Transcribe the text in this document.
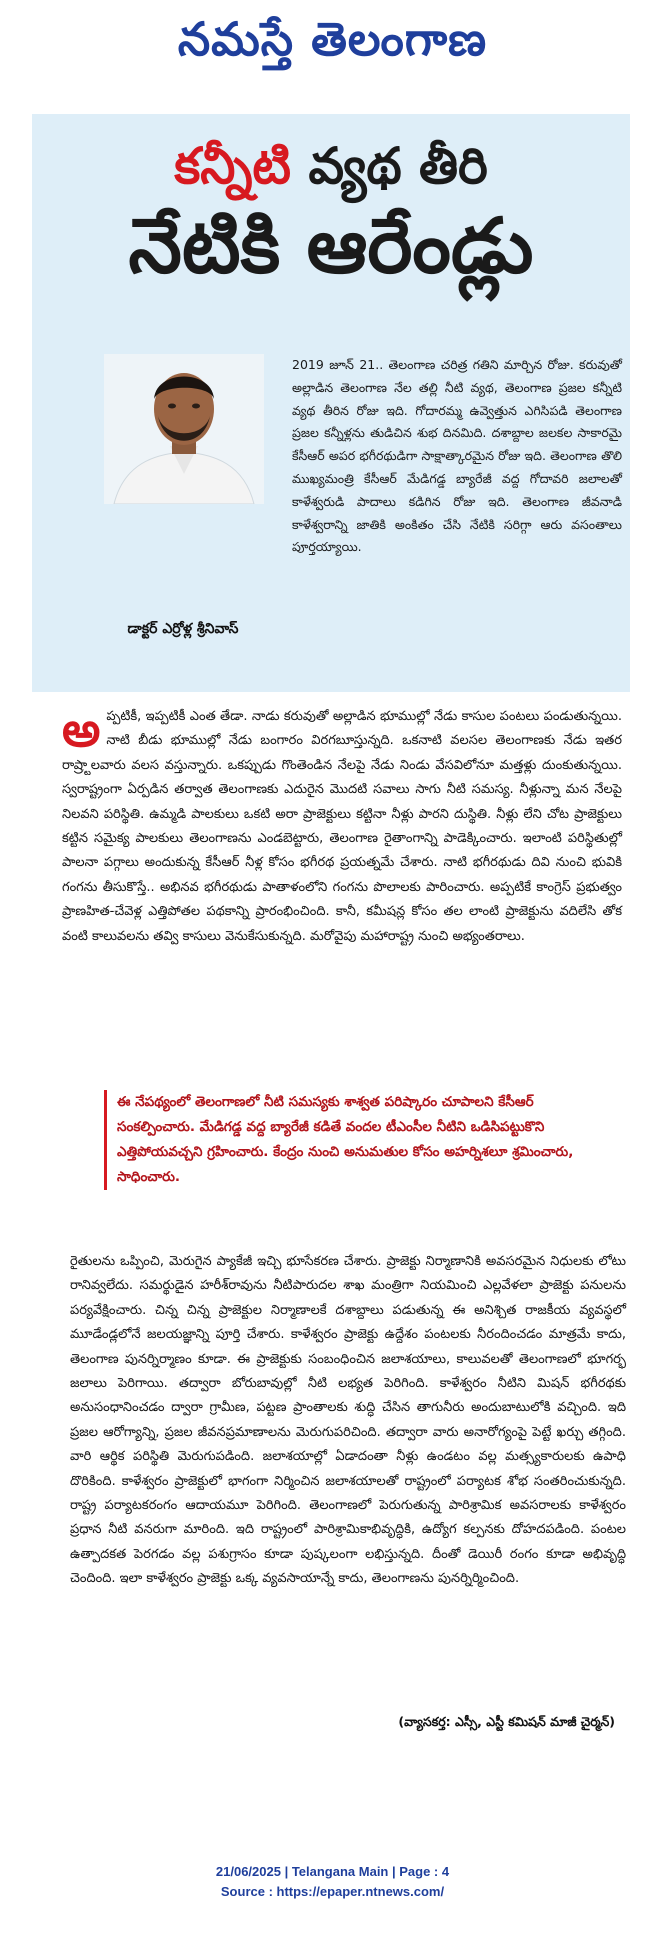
నమస్తే తెలంగాణ
కన్నీటి వ్యథ తీరి
నేటికి ఆరేండ్లు
2019 జూన్ 21.. తెలంగాణ చరిత్ర గతిని మార్చిన రోజు. కరువుతో అల్లాడిన తెలంగాణ నేల తల్లి నీటి వ్యథ, తెలంగాణ ప్రజల కన్నీటి వ్యథ తీరిన రోజు ఇది. గోదారమ్మ ఉవ్వెత్తున ఎగిసిపడి తెలంగాణ ప్రజల కన్నీళ్లను తుడిచిన శుభ దినమిది. దశాబ్దాల జలకల సాకారమై కేసీఆర్ అపర భగీరథుడిగా సాక్షాత్కారమైన రోజు ఇది. తెలంగాణ తొలి ముఖ్యమంత్రి కేసీఆర్ మేడిగడ్డ బ్యారేజీ వద్ద గోదావరి జలాలతో కాళేశ్వరుడి పాదాలు కడిగిన రోజు ఇది. తెలంగాణ జీవనాడి కాళేశ్వరాన్ని జాతికి అంకితం చేసి నేటికి సరిగ్గా ఆరు వసంతాలు పూర్తయ్యాయి.
డాక్టర్ ఎర్రోళ్ల శ్రీనివాస్
అప్పటికీ, ఇప్పటికీ ఎంత తేడా. నాడు కరువుతో అల్లాడిన భూముల్లో నేడు కాసుల పంటలు పండుతున్నయి. నాటి బీడు భూముల్లో నేడు బంగారం విరగబూస్తున్నది. ఒకనాటి వలసల తెలంగాణకు నేడు ఇతర రాష్ర్టాలవారు వలస వస్తున్నారు. ఒకప్పుడు గొంతెండిన నేలపై నేడు నిండు వేసవిలోనూ మత్తళ్లు దుంకుతున్నయి. స్వరాష్ట్రంగా ఏర్పడిన తర్వాత తెలంగాణకు ఎదురైన మొదటి సవాలు సాగు నీటి సమస్య. నీళ్లున్నా మన నేలపై నిలవని పరిస్థితి. ఉమ్మడి పాలకులు ఒకటి అరా ప్రాజెక్టులు కట్టినా నీళ్లు పారని దుస్థితి. నీళ్లు లేని చోట ప్రాజెక్టులు కట్టిన సమైక్య పాలకులు తెలంగాణను ఎండబెట్టారు, తెలంగాణ రైతాంగాన్ని పాడెక్కించారు. ఇలాంటి పరిస్థితుల్లో పాలనా పగ్గాలు అందుకున్న కేసీఆర్ నీళ్ల కోసం భగీరథ ప్రయత్నమే చేశారు. నాటి భగీరథుడు దివి నుంచి భువికి గంగను తీసుకొస్తే.. అభినవ భగీరథుడు పాతాళంలోని గంగను పొలాలకు పారించారు. అప్పటికే కాంగ్రెస్ ప్రభుత్వం ప్రాణహిత-చేవెళ్ల ఎత్తిపోతల పథకాన్ని ప్రారంభించింది. కానీ, కమీషన్ల కోసం తల లాంటి ప్రాజెక్టును వదిలేసి తోక వంటి కాలువలను తవ్వి కాసులు వెనుకేసుకున్నది. మరోవైపు మహారాష్ట్ర నుంచి అభ్యంతరాలు.
ఈ నేపథ్యంలో తెలంగాణలో నీటి సమస్యకు శాశ్వత పరిష్కారం చూపాలని కేసీఆర్ సంకల్పించారు. మేడిగడ్డ వద్ద బ్యారేజీ కడితే వందల టీఎంసీల నీటిని ఒడిసిపట్టుకొని ఎత్తిపోయవచ్చని గ్రహించారు. కేంద్రం నుంచి అనుమతుల కోసం అహర్నిశలూ శ్రమించారు, సాధించారు.
రైతులను ఒప్పించి, మెరుగైన ప్యాకేజీ ఇచ్చి భూసేకరణ చేశారు. ప్రాజెక్టు నిర్మాణానికి అవసరమైన నిధులకు లోటు రానివ్వలేదు. సమర్థుడైన హరీశ్‌రావును నీటిపారుదల శాఖ మంత్రిగా నియమించి ఎల్లవేళలా ప్రాజెక్టు పనులను పర్యవేక్షించారు. చిన్న చిన్న ప్రాజెక్టుల నిర్మాణాలకే దశాబ్దాలు పడుతున్న ఈ అనిశ్చిత రాజకీయ వ్యవస్థలో మూడేండ్లలోనే జలయజ్ఞాన్ని పూర్తి చేశారు. కాళేశ్వరం ప్రాజెక్టు ఉద్దేశం పంటలకు నీరందించడం మాత్రమే కాదు, తెలంగాణ పునర్నిర్మాణం కూడా. ఈ ప్రాజెక్టుకు సంబంధించిన జలాశయాలు, కాలువలతో తెలంగాణలో భూగర్భ జలాలు పెరిగాయి. తద్వారా బోరుబావుల్లో నీటి లభ్యత పెరిగింది. కాళేశ్వరం నీటిని మిషన్ భగీరథకు అనుసంధానించడం ద్వారా గ్రామీణ, పట్టణ ప్రాంతాలకు శుద్ధి చేసిన తాగునీరు అందుబాటులోకి వచ్చింది. ఇది ప్రజల ఆరోగ్యాన్ని, ప్రజల జీవనప్రమాణాలను మెరుగుపరిచింది. తద్వారా వారు అనారోగ్యంపై పెట్టే ఖర్చు తగ్గింది. వారి ఆర్థిక పరిస్థితి మెరుగుపడింది. జలాశయాల్లో ఏడాదంతా నీళ్లు ఉండటం వల్ల మత్స్యకారులకు ఉపాధి దొరికింది. కాళేశ్వరం ప్రాజెక్టులో భాగంగా నిర్మించిన జలాశయాలతో రాష్ట్రంలో పర్యాటక శోభ సంతరించుకున్నది. రాష్ట్ర పర్యాటకరంగం ఆదాయమూ పెరిగింది. తెలంగాణలో పెరుగుతున్న పారిశ్రామిక అవసరాలకు కాళేశ్వరం ప్రధాన నీటి వనరుగా మారింది. ఇది రాష్ట్రంలో పారిశ్రామికాభివృద్ధికి, ఉద్యోగ కల్పనకు దోహదపడింది. పంటల ఉత్పాదకత పెరగడం వల్ల పశుగ్రాసం కూడా పుష్కలంగా లభిస్తున్నది. దీంతో డెయిరీ రంగం కూడా అభివృద్ధి చెందింది. ఇలా కాళేశ్వరం ప్రాజెక్టు ఒక్క వ్యవసాయాన్నే కాదు, తెలంగాణను పునర్నిర్మించింది.
(వ్యాసకర్త: ఎస్సీ, ఎస్టీ కమిషన్ మాజీ చైర్మన్)
21/06/2025 | Telangana Main | Page : 4
Source : https://epaper.ntnews.com/
